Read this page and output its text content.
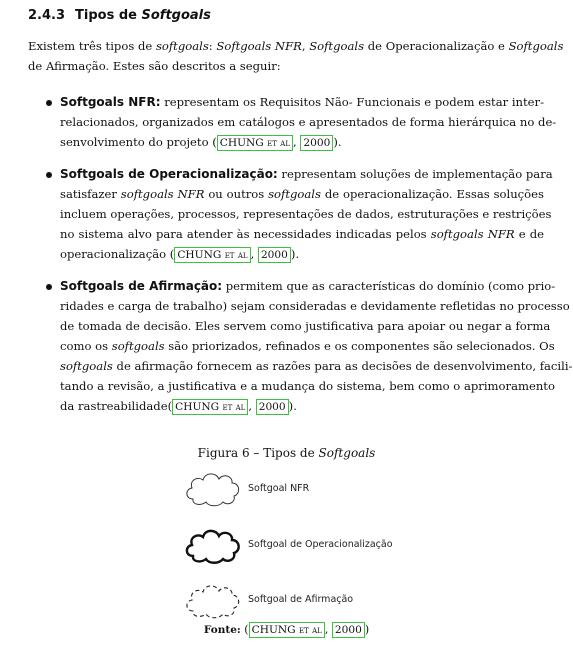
2.4.3 Tipos de Softgoals
Existem três tipos de softgoals: Softgoals NFR, Softgoals de Operacionalização e Softgoals
de Afirmação. Estes são descritos a seguir:
Softgoals NFR: representam os Requisitos Não- Funcionais e podem estar inter-
relacionados, organizados em catálogos e apresentados de forma hierárquica no de-
senvolvimento do projeto ( CHUNG et al , 2000 ).
Softgoals de Operacionalização: representam soluções de implementação para
satisfazer softgoals NFR ou outros softgoals de operacionalização. Essas soluções
incluem operações, processos, representações de dados, estruturações e restrições
no sistema alvo para atender às necessidades indicadas pelos softgoals NFR e de
operacionalização ( CHUNG et al , 2000 ).
Softgoals de Afirmação: permitem que as características do domínio (como prio-
ridades e carga de trabalho) sejam consideradas e devidamente refletidas no processo
de tomada de decisão. Eles servem como justificativa para apoiar ou negar a forma
como os softgoals são priorizados, refinados e os componentes são selecionados. Os
softgoals de afirmação fornecem as razões para as decisões de desenvolvimento, facili-
tando a revisão, a justificativa e a mudança do sistema, bem como o aprimoramento
da rastreabilidade( CHUNG et al , 2000 ).
Figura 6 – Tipos de Softgoals
Softgoal NFR
Softgoal de Operacionalização
Softgoal de Afirmação
Fonte: ( CHUNG et al , 2000 )
